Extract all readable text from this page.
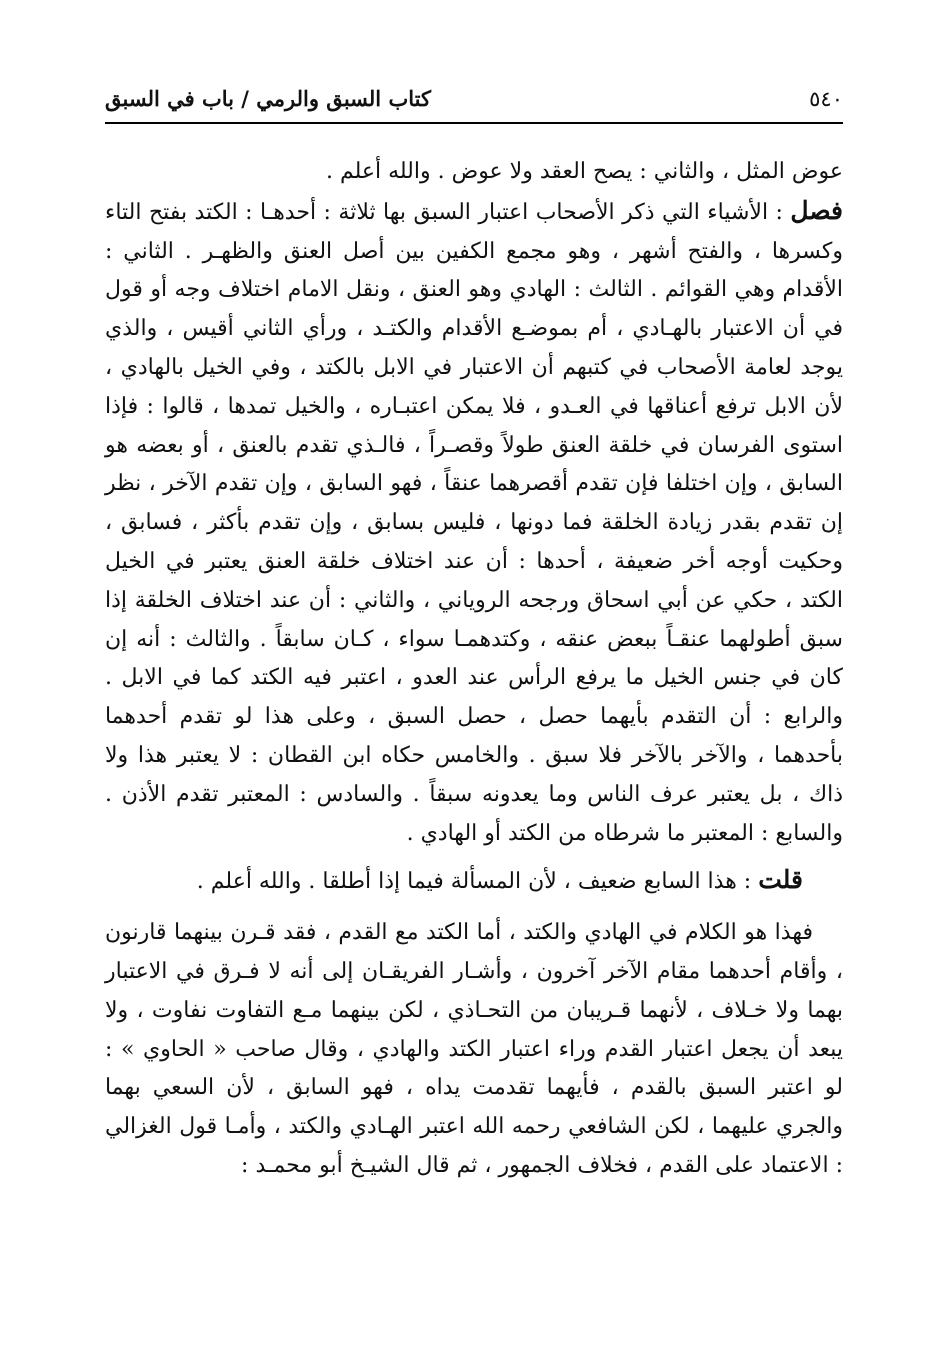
٥٤٠
كتاب السبق والرمي / باب في السبق

عوض المثل ، والثاني : يصح العقد ولا عوض . والله أعلم .

فصل : الأشياء التي ذكر الأصحاب اعتبار السبق بها ثلاثة : أحدهـا : الكتد بفتح التاء وكسرها ، والفتح أشهر ، وهو مجمع الكفين بين أصل العنق والظهـر . الثاني : الأقدام وهي القوائم . الثالث : الهادي وهو العنق ، ونقل الامام اختلاف وجه أو قول في أن الاعتبار بالهـادي ، أم بموضـع الأقدام والكتـد ، ورأي الثاني أقيس ، والذي يوجد لعامة الأصحاب في كتبهم أن الاعتبار في الابل بالكتد ، وفي الخيل بالهادي ، لأن الابل ترفع أعناقها في العـدو ، فلا يمكن اعتبـاره ، والخيل تمدها ، قالوا : فإذا استوى الفرسان في خلقة العنق طولاً وقصـراً ، فالـذي تقدم بالعنق ، أو بعضه هو السابق ، وإن اختلفا فإن تقدم أقصرهما عنقاً ، فهو السابق ، وإن تقدم الآخر ، نظر إن تقدم بقدر زيادة الخلقة فما دونها ، فليس بسابق ، وإن تقدم بأكثر ، فسابق ، وحكيت أوجه أخر ضعيفة ، أحدها : أن عند اختلاف خلقة العنق يعتبر في الخيل الكتد ، حكي عن أبي اسحاق ورجحه الروياني ، والثاني : أن عند اختلاف الخلقة إذا سبق أطولهما عنقـاً ببعض عنقه ، وكتدهمـا سواء ، كـان سابقاً . والثالث : أنه إن كان في جنس الخيل ما يرفع الرأس عند العدو ، اعتبر فيه الكتد كما في الابل . والرابع : أن التقدم بأيهما حصل ، حصل السبق ، وعلى هذا لو تقدم أحدهما بأحدهما ، والآخر بالآخر فلا سبق . والخامس حكاه ابن القطان : لا يعتبر هذا ولا ذاك ، بل يعتبر عرف الناس وما يعدونه سبقاً . والسادس : المعتبر تقدم الأذن . والسابع : المعتبر ما شرطاه من الكتد أو الهادي .

قلت : هذا السابع ضعيف ، لأن المسألة فيما إذا أطلقا . والله أعلم .

فهذا هو الكلام في الهادي والكتد ، أما الكتد مع القدم ، فقد قـرن بينهما قارنون ، وأقام أحدهما مقام الآخر آخرون ، وأشـار الفريقـان إلى أنه لا فـرق في الاعتبار بهما ولا خـلاف ، لأنهما قـريبان من التحـاذي ، لكن بينهما مـع التفاوت نفاوت ، ولا يبعد أن يجعل اعتبار القدم وراء اعتبار الكتد والهادي ، وقال صاحب « الحاوي » : لو اعتبر السبق بالقدم ، فأيهما تقدمت يداه ، فهو السابق ، لأن السعي بهما والجري عليهما ، لكن الشافعي رحمه الله اعتبر الهـادي والكتد ، وأمـا قول الغزالي : الاعتماد على القدم ، فخلاف الجمهور ، ثم قال الشيـخ أبو محمـد :
